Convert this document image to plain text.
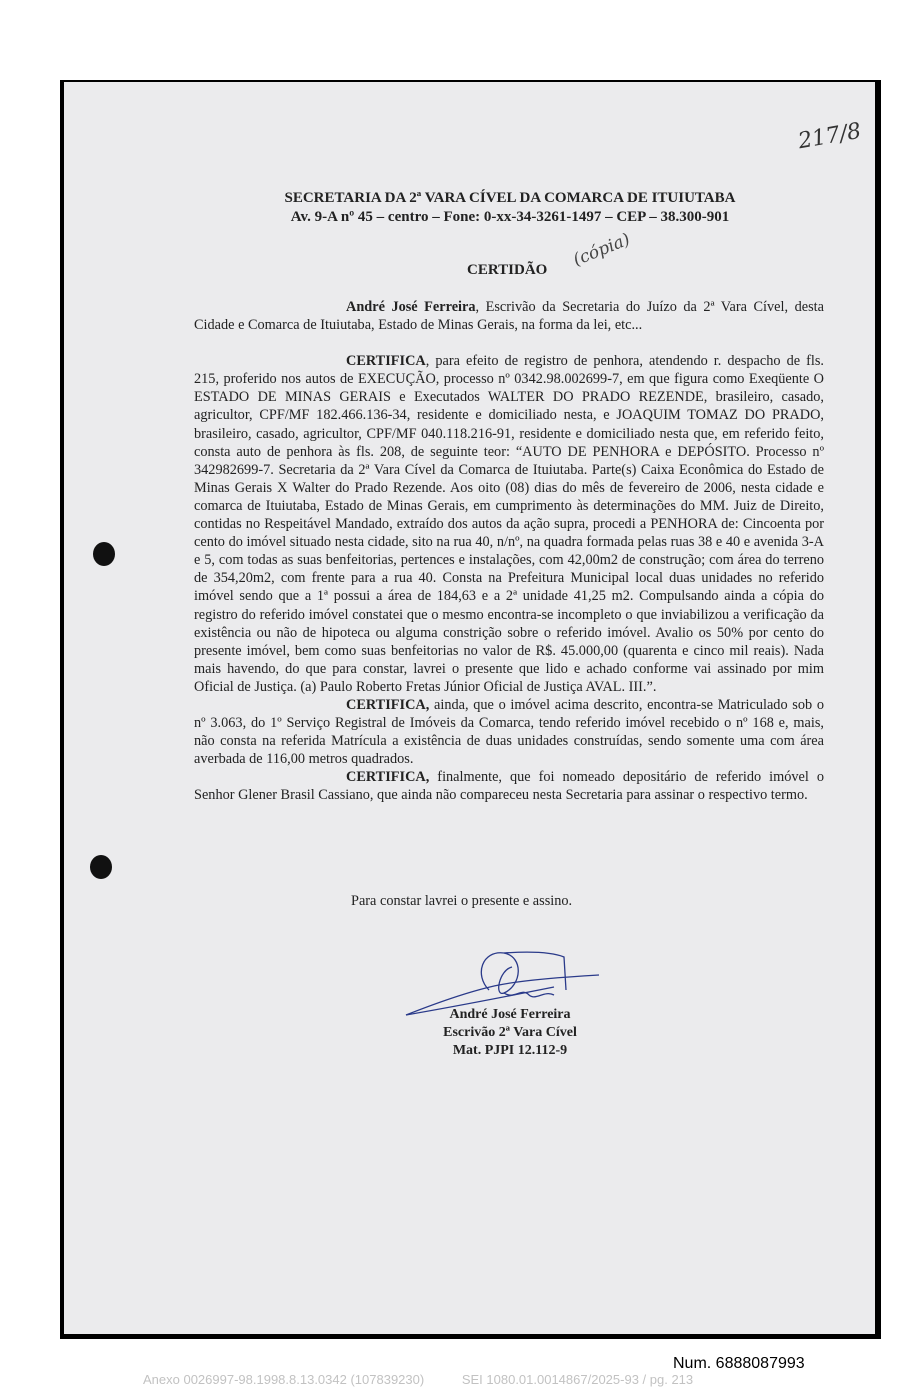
217/8
SECRETARIA DA 2ª VARA CÍVEL DA COMARCA DE ITUIUTABA
Av. 9-A nº 45 – centro – Fone: 0-xx-34-3261-1497 – CEP – 38.300-901
CERTIDÃO (cópia)

André José Ferreira, Escrivão da Secretaria do Juízo da 2ª Vara Cível, desta Cidade e Comarca de Ituiutaba, Estado de Minas Gerais, na forma da lei, etc...

CERTIFICA, para efeito de registro de penhora, atendendo r. despacho de fls. 215, proferido nos autos de EXECUÇÃO, processo nº 0342.98.002699-7, em que figura como Exeqüente O ESTADO DE MINAS GERAIS e Executados WALTER DO PRADO REZENDE, brasileiro, casado, agricultor, CPF/MF 182.466.136-34, residente e domiciliado nesta, e JOAQUIM TOMAZ DO PRADO, brasileiro, casado, agricultor, CPF/MF 040.118.216-91, residente e domiciliado nesta que, em referido feito, consta auto de penhora às fls. 208, de seguinte teor: “AUTO DE PENHORA e DEPÓSITO. Processo nº 342982699-7. Secretaria da 2ª Vara Cível da Comarca de Ituiutaba. Parte(s) Caixa Econômica do Estado de Minas Gerais X Walter do Prado Rezende. Aos oito (08) dias do mês de fevereiro de 2006, nesta cidade e comarca de Ituiutaba, Estado de Minas Gerais, em cumprimento às determinações do MM. Juiz de Direito, contidas no Respeitável Mandado, extraído dos autos da ação supra, procedi a PENHORA de: Cincoenta por cento do imóvel situado nesta cidade, sito na rua 40, n/nº, na quadra formada pelas ruas 38 e 40 e avenida 3-A e 5, com todas as suas benfeitorias, pertences e instalações, com 42,00m2 de construção; com área do terreno de 354,20m2, com frente para a rua 40. Consta na Prefeitura Municipal local duas unidades no referido imóvel sendo que a 1ª possui a área de 184,63 e a 2ª unidade 41,25 m2. Compulsando ainda a cópia do registro do referido imóvel constatei que o mesmo encontra-se incompleto o que inviabilizou a verificação da existência ou não de hipoteca ou alguma constrição sobre o referido imóvel. Avalio os 50% por cento do presente imóvel, bem como suas benfeitorias no valor de R$. 45.000,00 (quarenta e cinco mil reais). Nada mais havendo, do que para constar, lavrei o presente que lido e achado conforme vai assinado por mim Oficial de Justiça. (a) Paulo Roberto Fretas Júnior Oficial de Justiça AVAL. III.”.

CERTIFICA, ainda, que o imóvel acima descrito, encontra-se Matriculado sob o nº 3.063, do 1º Serviço Registral de Imóveis da Comarca, tendo referido imóvel recebido o nº 168 e, mais, não consta na referida Matrícula a existência de duas unidades construídas, sendo somente uma com área averbada de 116,00 metros quadrados.

CERTIFICA, finalmente, que foi nomeado depositário de referido imóvel o Senhor Glener Brasil Cassiano, que ainda não compareceu nesta Secretaria para assinar o respectivo termo.

Para constar lavrei o presente e assino.
André José Ferreira
Escrivão 2ª Vara Cível
Mat. PJPI 12.112-9
Num. 6888087993
Anexo 0026997-98.1998.8.13.0342 (107839230)	SEI 1080.01.0014867/2025-93 / pg. 213
